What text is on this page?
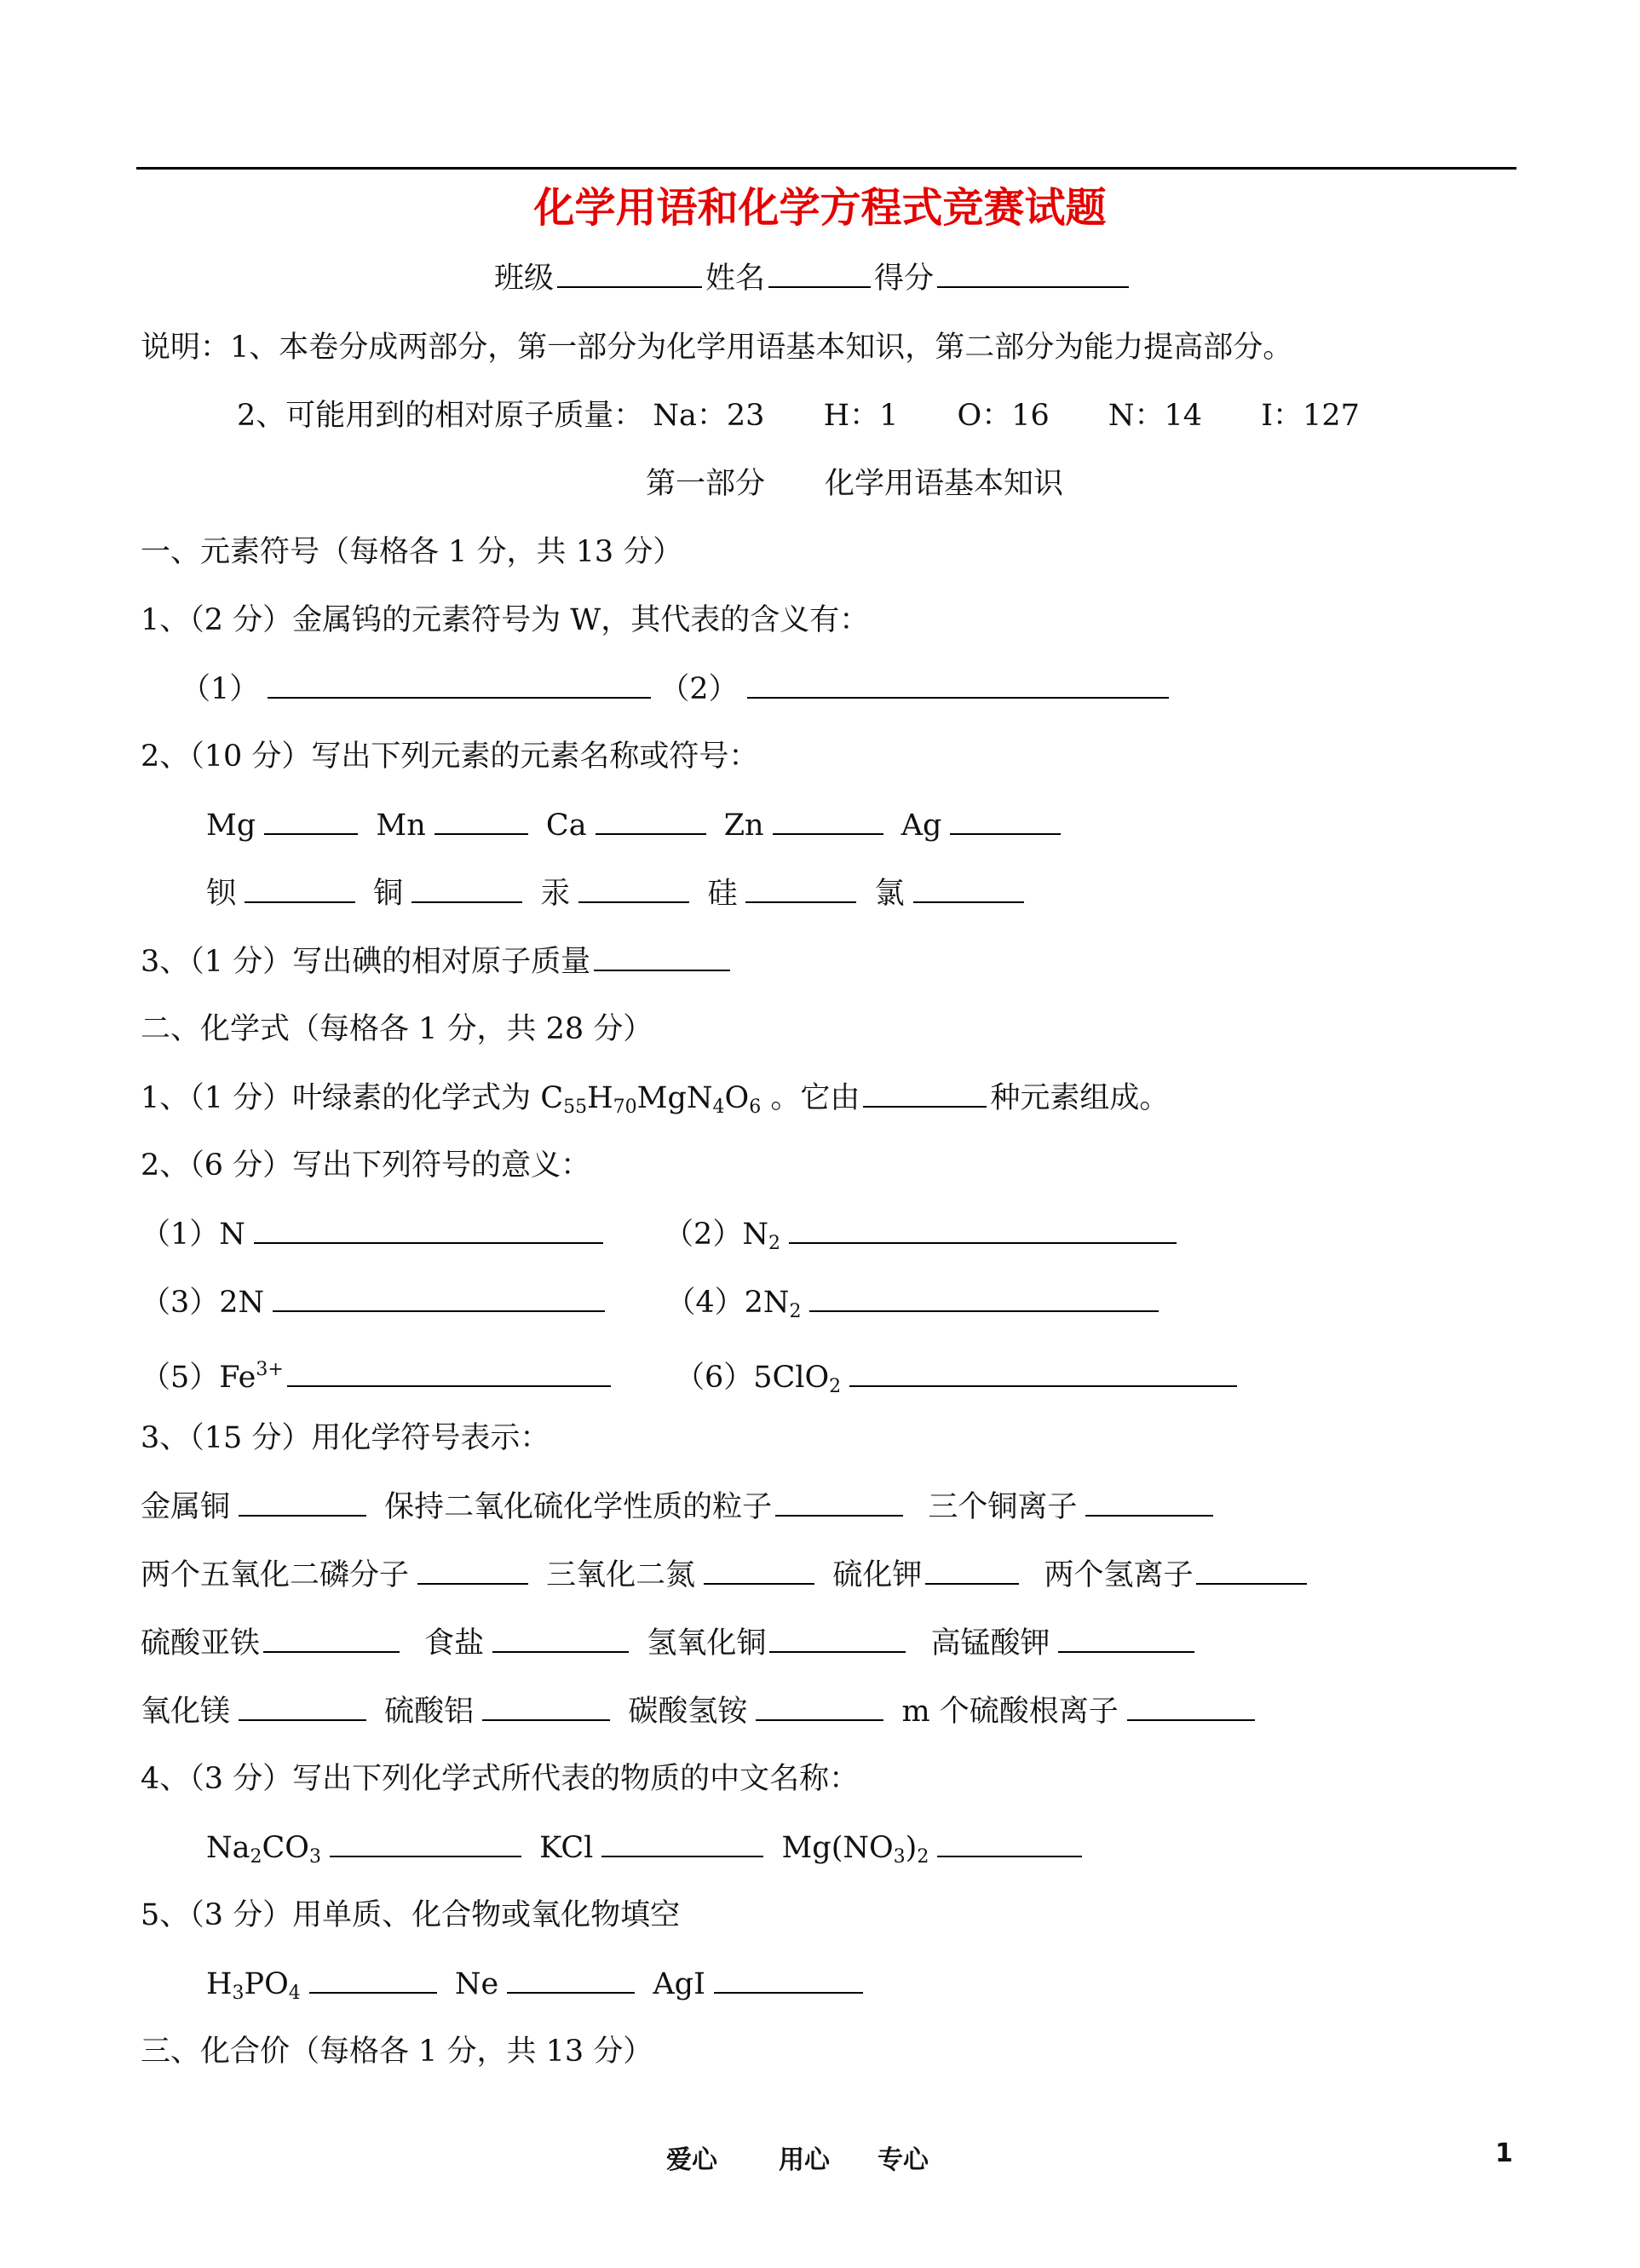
化学用语和化学方程式竞赛试题
班级	姓名	得分
说明：1、本卷分成两部分，第一部分为化学用语基本知识，第二部分为能力提高部分。
2、可能用到的相对原子质量： Na：23 H：1 O：16 N：14 I：127
第一部分 化学用语基本知识
一、元素符号（每格各 1 分，共 13 分）
1、（2 分）金属钨的元素符号为 W，其代表的含义有：
（1）	（2）
2、（10 分）写出下列元素的元素名称或符号：
Mg	Mn	Ca	Zn	Ag
钡	铜	汞	硅	氯
3、（1 分）写出碘的相对原子质量
二、化学式（每格各 1 分，共 28 分）
1、（1 分）叶绿素的化学式为 $C_{55}H_{70}MgN_4O_6$ 。它由	种元素组成。
2、（6 分）写出下列符号的意义：
（1）N	$(2)N_2$
（3）2N	$(4)2N_2$
$(5)Fe^{3+}$	（6）5ClO$_2$
3、（15 分）用化学符号表示：
金属铜	保持二氧化硫化学性质的粒子	三个铜离子
两个五氧化二磷分子	三氧化二氮	硫化钾	两个氢离子
硫酸亚铁	食盐	氢氧化铜	高锰酸钾
氧化镁	硫酸铝	碳酸氢铵	m 个硫酸根离子
4、（3 分）写出下列化学式所代表的物质的中文名称：
$Na_2CO_3$	KCl	$Mg(NO_3)_2$
5、（3 分）用单质、化合物或氧化物填空
$H_3PO_4$	Ne	AgI
三、化合价（每格各 1 分，共 13 分）
爱心 用心 专心	1
